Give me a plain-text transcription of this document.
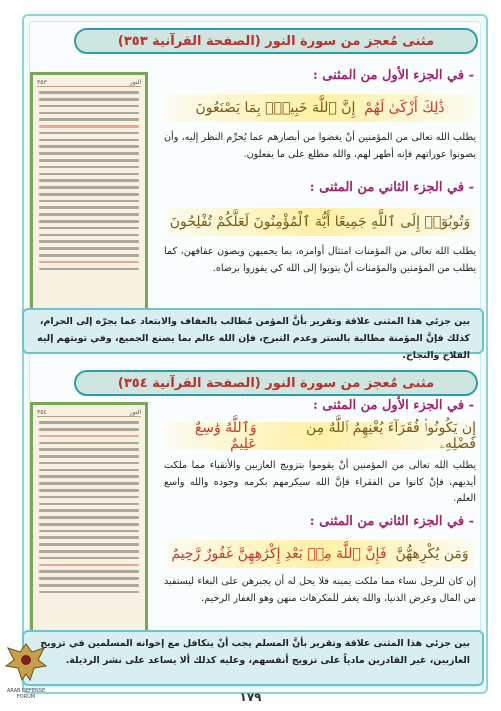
مثنى مُعجز من سورة النور (الصفحة القرآنية ٣٥٣)
٣٥٣	النور	- في الجزء الأول من المثنى :
ذَٰلِكَ أَزْكَىٰ لَهُمْ

إِنَّ ٱللَّهَ خَبِيرٌۢ بِمَا يَصْنَعُونَ
يطلب الله تعالى من المؤمنين أنْ يغضوا من أبصارهم عما يُحرِّم النظر إليه، وأن يصونوا عوراتهم فإنه أطهر لهم، والله مطلع على ما يفعلون.
- في الجزء الثاني من المثنى :
وَتُوبُوٓا۟ إِلَى ٱللَّهِ جَمِيعًا أَيُّهَ ٱلْمُؤْمِنُونَ لَعَلَّكُمْ تُفْلِحُونَ
يطلب الله تعالى من المؤمنات امتثال أوامره، بما يحميهن ويصون عفافهن، كما يطلب من المؤمنين والمؤمنات أنْ يتوبوا إلى الله كي يفوزوا برضاه.
بين جزئي هذا المثنى علاقة وتقرير بأنَّ المؤمن مُطالب بالعفاف والابتعاد عما يجرّه إلى الحرام، كذلك فإنَّ المؤمنة مطالبة بالستر وعدم التبرج، فإن الله عالم بما يصنع الجميع، وفي توبتهم إليه الفلاح والنجاح.
مثنى مُعجز من سورة النور (الصفحة القرآنية ٣٥٤)
٣٥٤	النور	- في الجزء الأول من المثنى :
إِن يَكُونُوا۟ فُقَرَآءَ يُغْنِهِمُ ٱللَّهُ مِن فَضْلِهِۦ

وَٱللَّهُ وَٰسِعٌ عَلِيمٌ
يطلب الله تعالى من المؤمنين أنْ يقوموا بتزويج العازبين والأتقياء مما ملكت أيديهم، فإنْ كانوا من الفقراء فإنَّ الله سيكرمهم بكرمه وجوده والله واسع العلم.
- في الجزء الثاني من المثنى :
وَمَن يُكْرِههُّنَّ

فَإِنَّ ٱللَّهَ مِنۢ بَعْدِ إِكْرَٰهِهِنَّ غَفُورٌ رَّحِيمٌ
إن كان للرجل نساء مما ملكت يمينه فلا يحل له أن يجبرهن على البغاء ليستفيد من المال وعرض الدنيا، والله يغفر للمكرهات منهن وهو الغفار الرحيم.
بين جزئي هذا المثنى علاقة وتقرير بأنَّ المسلم يجب أنْ يتكافل مع إخوانه المسلمين في تزويج العازبين، غير القادرين مادياً على تزويج أنفسهم، وعليه كذلك ألا يساعد على نشر الرذيلة.
١٧٩
ARAB DEFENSE FORUM
